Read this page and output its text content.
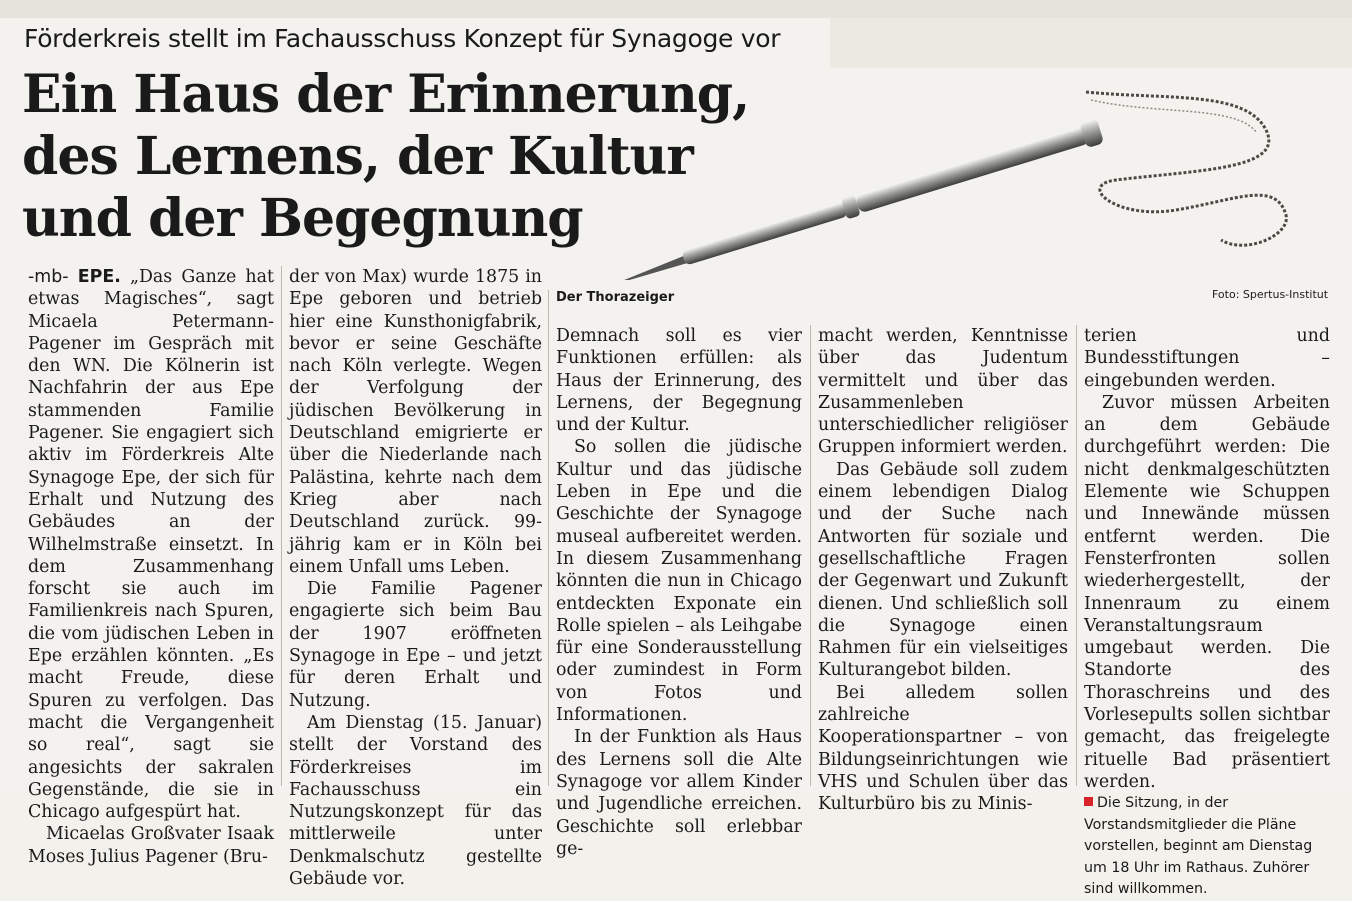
Förderkreis stellt im Fachausschuss Konzept für Synagoge vor
Ein Haus der Erinnerung,
des Lernens, der Kultur
und der Begegnung
Der Thorazeiger	Foto: Spertus-Institut

-mb- EPE. „Das Ganze hat etwas Magisches“, sagt Micaela Petermann-Pagener im Gespräch mit den WN. Die Kölnerin ist Nachfahrin der aus Epe stammenden Familie Pagener. Sie engagiert sich aktiv im Förderkreis Alte Synagoge Epe, der sich für Erhalt und Nutzung des Gebäudes an der Wilhelmstraße einsetzt. In dem Zusammenhang forscht sie auch im Familienkreis nach Spuren, die vom jüdischen Leben in Epe erzählen könnten. „Es macht Freude, diese Spuren zu verfolgen. Das macht die Vergangenheit so real“, sagt sie angesichts der sakralen Gegenstände, die sie in Chicago aufgespürt hat.

Micaelas Großvater Isaak Moses Julius Pagener (Bru-

der von Max) wurde 1875 in Epe geboren und betrieb hier eine Kunsthonigfabrik, bevor er seine Geschäfte nach Köln verlegte. Wegen der Verfolgung der jüdischen Bevölkerung in Deutschland emigrierte er über die Niederlande nach Palästina, kehrte nach dem Krieg aber nach Deutschland zurück. 99-jährig kam er in Köln bei einem Unfall ums Leben.

Die Familie Pagener engagierte sich beim Bau der 1907 eröffneten Synagoge in Epe – und jetzt für deren Erhalt und Nutzung.

Am Dienstag (15. Januar) stellt der Vorstand des Förderkreises im Fachausschuss ein Nutzungskonzept für das mittlerweile unter Denkmalschutz gestellte Gebäude vor.

Demnach soll es vier Funktionen erfüllen: als Haus der Erinnerung, des Lernens, der Begegnung und der Kultur.

So sollen die jüdische Kultur und das jüdische Leben in Epe und die Geschichte der Synagoge museal aufbereitet werden. In diesem Zusammenhang könnten die nun in Chicago entdeckten Exponate ein Rolle spielen – als Leihgabe für eine Sonderausstellung oder zumindest in Form von Fotos und Informationen.

In der Funktion als Haus des Lernens soll die Alte Synagoge vor allem Kinder und Jugendliche erreichen. Geschichte soll erlebbar ge-

macht werden, Kenntnisse über das Judentum vermittelt und über das Zusammenleben unterschiedlicher religiöser Gruppen informiert werden.

Das Gebäude soll zudem einem lebendigen Dialog und der Suche nach Antworten für soziale und gesellschaftliche Fragen der Gegenwart und Zukunft dienen. Und schließlich soll die Synagoge einen Rahmen für ein vielseitiges Kulturangebot bilden.

Bei alledem sollen zahlreiche Kooperationspartner – von Bildungseinrichtungen wie VHS und Schulen über das Kulturbüro bis zu Minis-

terien und Bundesstiftungen – eingebunden werden.

Zuvor müssen Arbeiten an dem Gebäude durchgeführt werden: Die nicht denkmalgeschützten Elemente wie Schuppen und Innewände müssen entfernt werden. Die Fensterfronten sollen wiederhergestellt, der Innenraum zu einem Veranstaltungsraum umgebaut werden. Die Standorte des Thoraschreins und des Vorlesepults sollen sichtbar gemacht, das freigelegte rituelle Bad präsentiert werden.

Die Sitzung, in der Vorstandsmitglieder die Pläne vorstellen, beginnt am Dienstag um 18 Uhr im Rathaus. Zuhörer sind willkommen.
